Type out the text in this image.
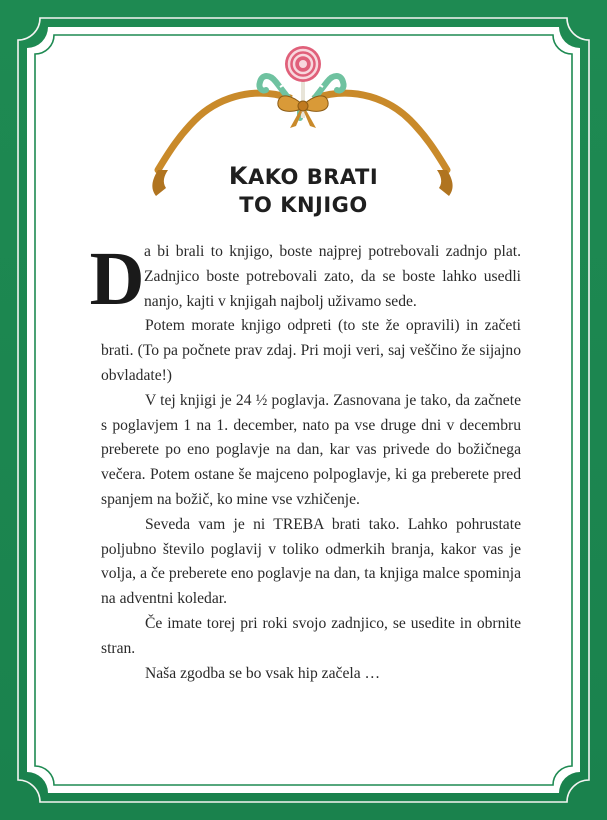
KAKO BRATI
TO KNJIGO
D a bi brali to knjigo, boste najprej potrebovali zadnjo plat. Zadnjico boste potrebovali zato, da se boste lahko usedli nanjo, kajti v knjigah najbolj uživamo sede.

Potem morate knjigo odpreti (to ste že opravili) in začeti brati. (To pa počnete prav zdaj. Pri moji veri, saj veščino že sijajno obvladate!)

V tej knjigi je 24 ½ poglavja. Zasnovana je tako, da začnete s poglavjem 1 na 1. december, nato pa vse druge dni v decembru preberete po eno poglavje na dan, kar vas privede do božičnega večera. Potem ostane še majceno polpoglavje, ki ga preberete pred spanjem na božič, ko mine vse vzhičenje.

Seveda vam je ni TREBA brati tako. Lahko pohrustate poljubno število poglavij v toliko odmerkih branja, kakor vas je volja, a če preberete eno poglavje na dan, ta knjiga malce spominja na adventni koledar.

Če imate torej pri roki svojo zadnjico, se usedite in obrnite stran.

Naša zgodba se bo vsak hip začela …
